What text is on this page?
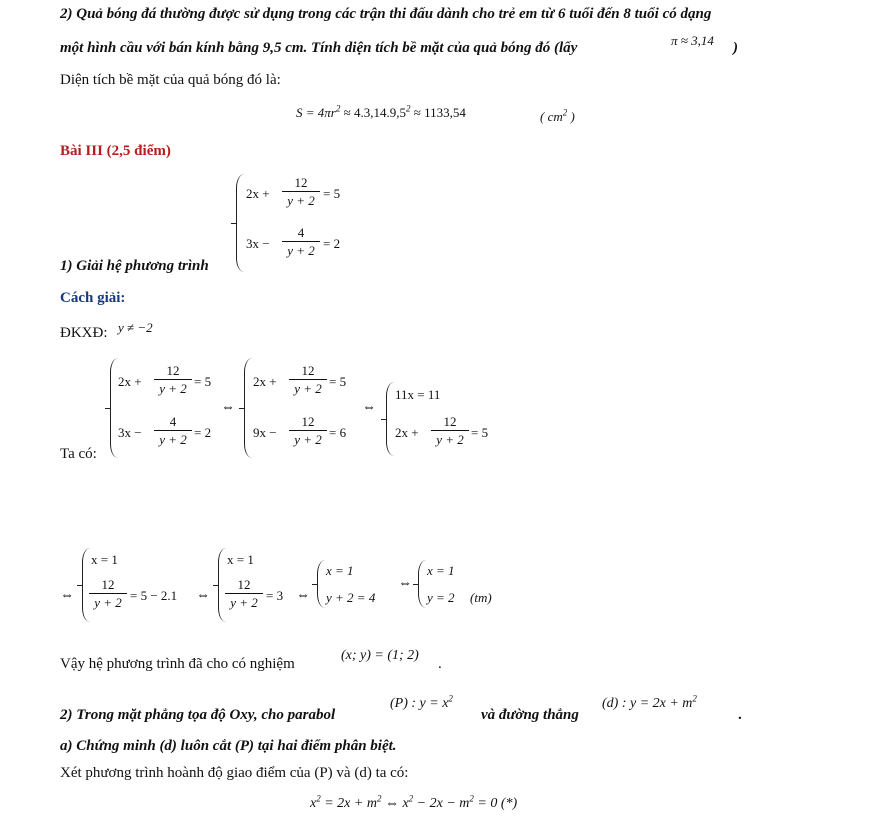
2) Quả bóng đá thường được sử dụng trong các trận thi đấu dành cho trẻ em từ 6 tuổi đến 8 tuổi có dạng
một hình cầu với bán kính bằng 9,5 cm. Tính diện tích bề mặt của quả bóng đó (lấy	π ≈ 3,14 )
Diện tích bề mặt của quả bóng đó là:
$S = 4\pi r^2 \approx 4.3,14.9,5^2 \approx 1133,54$	( $cm^2$ )
Bài III (2,5 điểm)
$2x + \frac{12}{y + 2} = 5$
$3x - \frac{4}{y + 2} = 2$
1) Giải hệ phương trình
Cách giải:
ĐKXĐ: y ≠ −2
Ta có:
$2x + \frac{12}{y + 2} = 5$
$3x - \frac{4}{y + 2} = 2$
⇔
$2x + \frac{12}{y + 2} = 5$
$9x - \frac{12}{y + 2} = 6$
⇔
11x = 11
$2x + \frac{12}{y + 2} = 5$
⇔
x = 1
$\frac{12}{y + 2} = 5 - 2.1$ ⇔
x = 1
$\frac{12}{y + 2} = 3$ ⇔
x = 1
y + 2 = 4
⇔
x = 1
y = 2 (tm)
Vậy hệ phương trình đã cho có nghiệm
(x; y) = (1; 2)
.
2) Trong mặt phẳng tọa độ Oxy, cho parabol
(P) : $y = x^2$
và đường thẳng
(d) : $y = 2x + m^2$
.
a) Chứng minh (d) luôn cắt (P) tại hai điểm phân biệt.
Xét phương trình hoành độ giao điểm của (P) và (d) ta có:
$x^2 = 2x + m^2$ ⇔ $x^2 - 2x - m^2 = 0$ (*)
